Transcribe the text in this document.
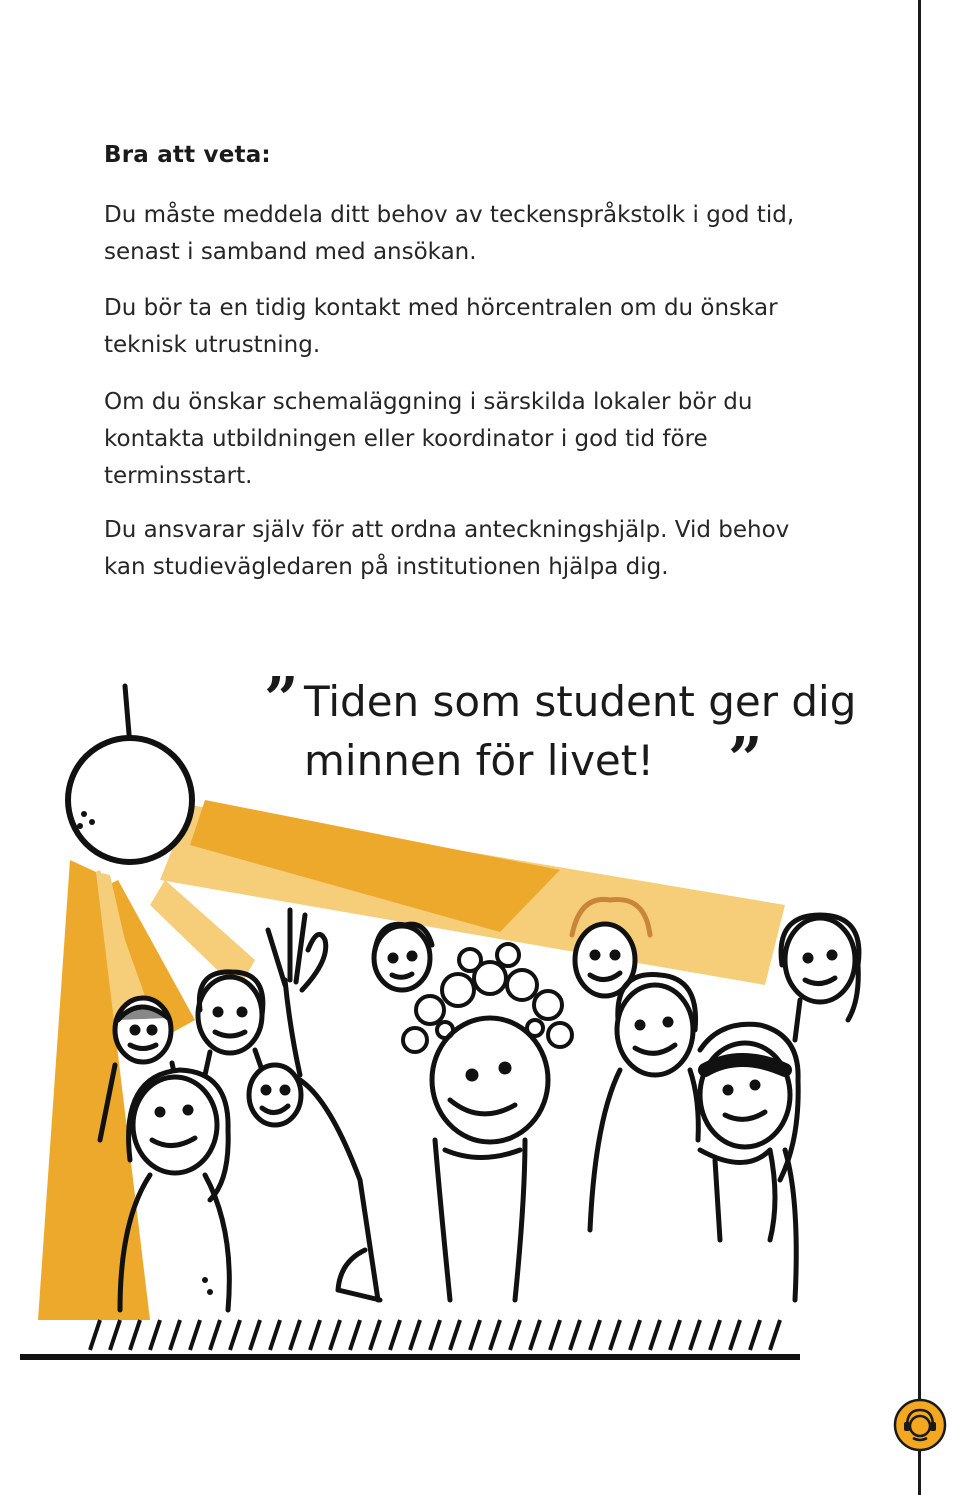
Bra att veta:

Du måste meddela ditt behov av teckenspråkstolk i god tid, senast i samband med ansökan.

Du bör ta en tidig kontakt med hörcentralen om du önskar teknisk utrustning.

Om du önskar schemaläggning i särskilda lokaler bör du kontakta utbildningen eller koordinator i god tid före terminsstart.

Du ansvarar själv för att ordna anteckningshjälp. Vid behov kan studievägledaren på institutionen hjälpa dig.

” Tiden som student ger dig minnen för livet!	”
